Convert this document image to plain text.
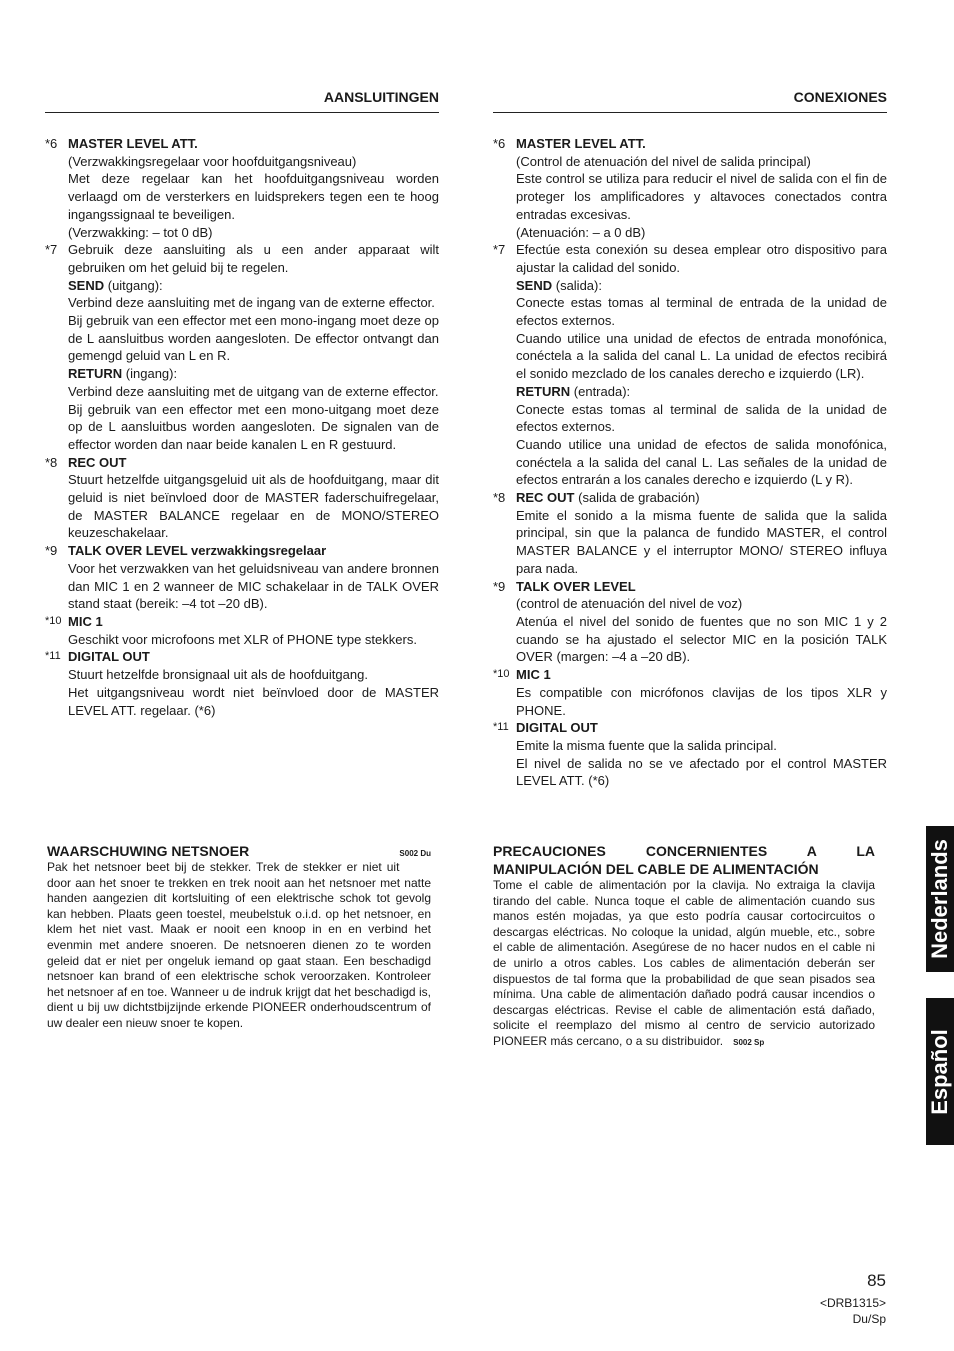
AANSLUITINGEN
*6 MASTER LEVEL ATT.

(Verzwakkingsregelaar voor hoofduitgangsniveau)

Met deze regelaar kan het hoofduitgangsniveau worden verlaagd om de versterkers en luidsprekers tegen een te hoog ingangssignaal te beveiligen.

(Verzwakking: – tot 0 dB)

*7 Gebruik deze aansluiting als u een ander apparaat wilt gebruiken om het geluid bij te regelen.

SEND (uitgang):

Verbind deze aansluiting met de ingang van de externe effector.

Bij gebruik van een effector met een mono-ingang moet deze op de L aansluitbus worden aangesloten. De effector ontvangt dan gemengd geluid van L en R.

RETURN (ingang):

Verbind deze aansluiting met de uitgang van de externe effector.

Bij gebruik van een effector met een mono-uitgang moet deze op de L aansluitbus worden aangesloten. De signalen van de effector worden dan naar beide kanalen L en R gestuurd.

*8 REC OUT

Stuurt hetzelfde uitgangsgeluid uit als de hoofduitgang, maar dit geluid is niet beïnvloed door de MASTER faderschuifregelaar, de MASTER BALANCE regelaar en de MONO/STEREO keuzeschakelaar.

*9 TALK OVER LEVEL verzwakkingsregelaar

Voor het verzwakken van het geluidsniveau van andere bronnen dan MIC 1 en 2 wanneer de MIC schakelaar in de TALK OVER stand staat (bereik: –4 tot –20 dB).

*10 MIC 1

Geschikt voor microfoons met XLR of PHONE type stekkers.

*11 DIGITAL OUT

Stuurt hetzelfde bronsignaal uit als de hoofduitgang.

Het uitgangsniveau wordt niet beïnvloed door de MASTER LEVEL ATT. regelaar. (*6)

CONEXIONES
*6 MASTER LEVEL ATT.

(Control de atenuación del nivel de salida principal)

Este control se utiliza para reducir el nivel de salida con el fin de proteger los amplificadores y altavoces conectados contra entradas excesivas.

(Atenuación: – a 0 dB)

*7 Efectúe esta conexión su desea emplear otro dispositivo para ajustar la calidad del sonido.

SEND (salida):

Conecte estas tomas al terminal de entrada de la unidad de efectos externos.

Cuando utilice una unidad de efectos de entrada monofónica, conéctela a la salida del canal L. La unidad de efectos recibirá el sonido mezclado de los canales derecho e izquierdo (LR).

RETURN (entrada):

Conecte estas tomas al terminal de salida de la unidad de efectos externos.

Cuando utilice una unidad de efectos de salida monofónica, conéctela a la salida del canal L. Las señales de la unidad de efectos entrarán a los canales derecho e izquierdo (L y R).

*8 REC OUT (salida de grabación)

Emite el sonido a la misma fuente de salida que la salida principal, sin que la palanca de fundido MASTER, el control MASTER BALANCE y el interruptor MONO/ STEREO influya para nada.

*9 TALK OVER LEVEL

(control de atenuación del nivel de voz)

Atenúa el nivel del sonido de fuentes que no son MIC 1 y 2 cuando se ha ajustado el selector MIC en la posición TALK OVER (margen: –4 a –20 dB).

*10 MIC 1

Es compatible con micrófonos clavijas de los tipos XLR y PHONE.

*11 DIGITAL OUT

Emite la misma fuente que la salida principal.

El nivel de salida no se ve afectado por el control MASTER LEVEL ATT. (*6)

WAARSCHUWING NETSNOER	S002 Du

Pak het netsnoer beet bij de stekker. Trek de stekker er niet uit door aan het snoer te trekken en trek nooit aan het netsnoer met natte handen aangezien dit kortsluiting of een elektrische schok tot gevolg kan hebben. Plaats geen toestel, meubelstuk o.i.d. op het netsnoer, en klem het niet vast. Maak er nooit een knoop in en en verbind het evenmin met andere snoeren. De netsnoeren dienen zo te worden geleid dat er niet per ongeluk iemand op gaat staan. Een beschadigd netsnoer kan brand of een elektrische schok veroorzaken. Kontroleer het netsnoer af en toe. Wanneer u de indruk krijgt dat het beschadigd is, dient u bij uw dichtstbijzijnde erkende PIONEER onderhoudscentrum of uw dealer een nieuw snoer te kopen.

PRECAUCIONES CONCERNIENTES A LA MANIPULACIÓN DEL CABLE DE ALIMENTACIÓN

Tome el cable de alimentación por la clavija. No extraiga la clavija tirando del cable. Nunca toque el cable de alimentación cuando sus manos estén mojadas, ya que esto podría causar cortocircuitos o descargas eléctricas. No coloque la unidad, algún mueble, etc., sobre el cable de alimentación. Asegúrese de no hacer nudos en el cable ni de unirlo a otros cables. Los cables de alimentación deberán ser dispuestos de tal forma que la probabilidad de que sean pisados sea mínima. Una cable de alimentación dañado podrá causar incendios o descargas eléctricas. Revise el cable de alimentación está dañado, solicite el reemplazo del mismo al centro de servicio autorizado PIONEER más cercano, o a su distribuidor. S002 Sp

Nederlands
Español
85
<DRB1315>
Du/Sp
